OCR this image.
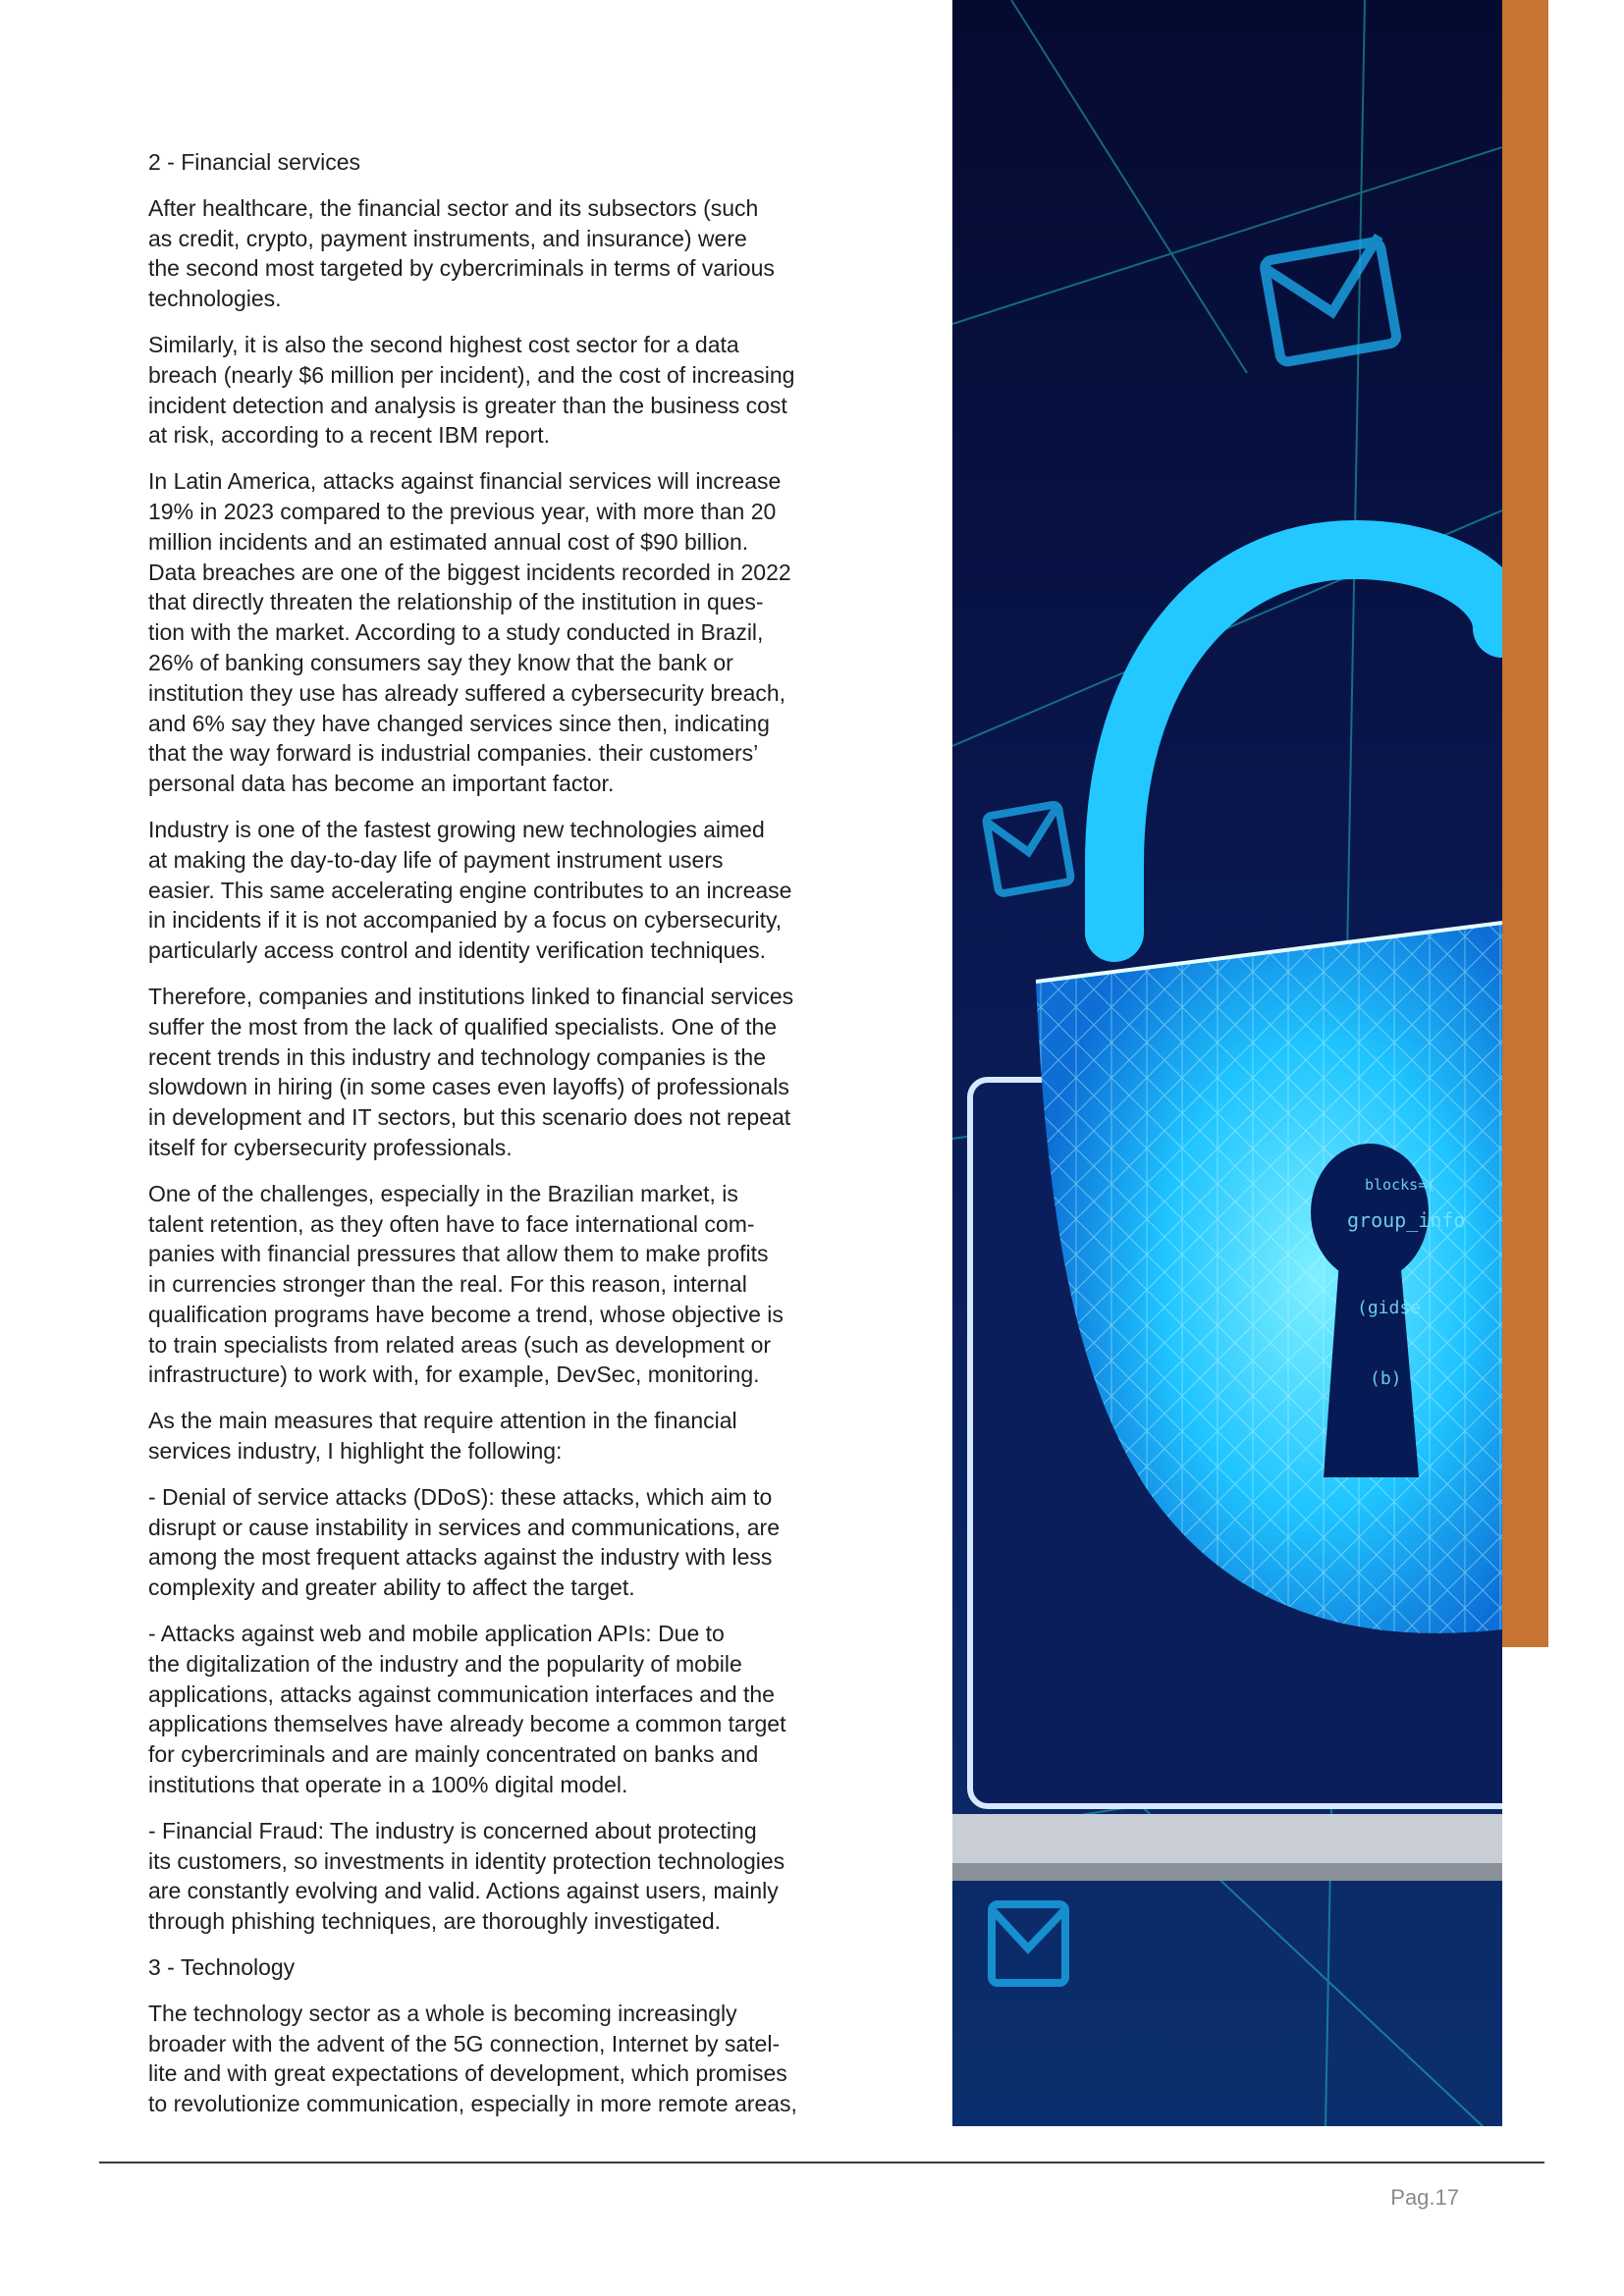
2 - Financial services

After healthcare, the financial sector and its subsectors (such
as credit, crypto, payment instruments, and insurance) were
the second most targeted by cybercriminals in terms of various
technologies.

Similarly, it is also the second highest cost sector for a data
breach (nearly $6 million per incident), and the cost of increasing
incident detection and analysis is greater than the business cost
at risk, according to a recent IBM report.

In Latin America, attacks against financial services will increase
19% in 2023 compared to the previous year, with more than 20
million incidents and an estimated annual cost of $90 billion.
Data breaches are one of the biggest incidents recorded in 2022
that directly threaten the relationship of the institution in ques-
tion with the market. According to a study conducted in Brazil,
26% of banking consumers say they know that the bank or
institution they use has already suffered a cybersecurity breach,
and 6% say they have changed services since then, indicating
that the way forward is industrial companies. their customers’
personal data has become an important factor.

Industry is one of the fastest growing new technologies aimed
at making the day-to-day life of payment instrument users
easier. This same accelerating engine contributes to an increase
in incidents if it is not accompanied by a focus on cybersecurity,
particularly access control and identity verification techniques.

Therefore, companies and institutions linked to financial services
suffer the most from the lack of qualified specialists. One of the
recent trends in this industry and technology companies is the
slowdown in hiring (in some cases even layoffs) of professionals
in development and IT sectors, but this scenario does not repeat
itself for cybersecurity professionals.

One of the challenges, especially in the Brazilian market, is
talent retention, as they often have to face international com-
panies with financial pressures that allow them to make profits
in currencies stronger than the real. For this reason, internal
qualification programs have become a trend, whose objective is
to train specialists from related areas (such as development or
infrastructure) to work with, for example, DevSec, monitoring.

As the main measures that require attention in the financial
services industry, I highlight the following:

- Denial of service attacks (DDoS): these attacks, which aim to
disrupt or cause instability in services and communications, are
among the most frequent attacks against the industry with less
complexity and greater ability to affect the target.

- Attacks against web and mobile application APIs: Due to
the digitalization of the industry and the popularity of mobile
applications, attacks against communication interfaces and the
applications themselves have already become a common target
for cybercriminals and are mainly concentrated on banks and
institutions that operate in a 100% digital model.

- Financial Fraud: The industry is concerned about protecting
its customers, so investments in identity protection technologies
are constantly evolving and valid. Actions against users, mainly
through phishing techniques, are thoroughly investigated.

3 - Technology

The technology sector as a whole is becoming increasingly
broader with the advent of the 5G connection, Internet by satel-
lite and with great expectations of development, which promises
to revolutionize communication, especially in more remote areas,

group_info
(gidse
blocks=(
(b)
Pag.17
